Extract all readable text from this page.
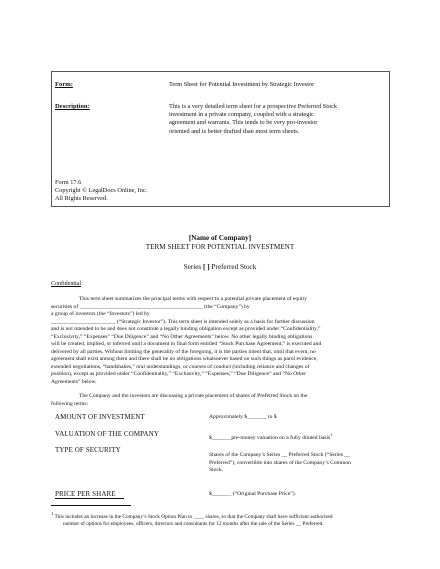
Form:	Term Sheet for Potential Investment by Strategic Investor
Description:	This is a very detailed term sheet for a prospective Preferred Stock
investment in a private company, coupled with a strategic
agreement and warrants. This tends to be very pro-investor
oriented and is better drafted than most term sheets.
Form 17.6
Copyright © LegalDocs Online, Inc.
All Rights Reserved.
[Name of Company]
TERM SHEET FOR POTENTIAL INVESTMENT
Series [ ] Preferred Stock
Confidential
This term sheet summarizes the principal terms with respect to a potential private placement of equity
securities of ____________________________________________ (the “Company”) by
a group of investors (the “Investors”) led by
_______________________ (“Strategic Investor”). This term sheet is intended solely as a basis for further discussion
and is not intended to be and does not constitute a legally binding obligation except as provided under “Confidentiality,”
“Exclusivity,” “Expenses” “Due Diligence” and “No Other Agreements” below. No other legally binding obligations
will be created, implied, or inferred until a document in final form entitled “Stock Purchase Agreement,” is executed and
delivered by all parties. Without limiting the generality of the foregoing, it is the parties intent that, until that event, no
agreement shall exist among them and there shall be no obligations whatsoever based on such things as parol evidence,
extended negotiations, “handshakes,” oral understandings, or courses of conduct (including reliance and changes of
position), except as provided under “Confidentiality,” “Exclusivity,” “Expenses,” “Due Diligence” and “No Other
Agreements” below.
The Company and the investors are discussing a private placement of shares of Preferred Stock on the
following terms:
AMOUNT OF INVESTMENT	Approximately $_______ to $
VALUATION OF THE COMPANY	$_______pre-money valuation on a fully diluted basis$^1$
TYPE OF SECURITY
Shares of the Company’s Series __ Preferred Stock (“Series __
Preferred”), convertible into shares of the Company’s Common
Stock.
PRICE PER SHARE	$_______ (“Original Purchase Price”).
$^1$ This includes an increase in the Company’s Stock Option Plan to ____ shares, so that the Company shall have sufficient authorized
number of options for employees, officers, directors and consultants for 12 months after the sale of the Series __ Preferred.
